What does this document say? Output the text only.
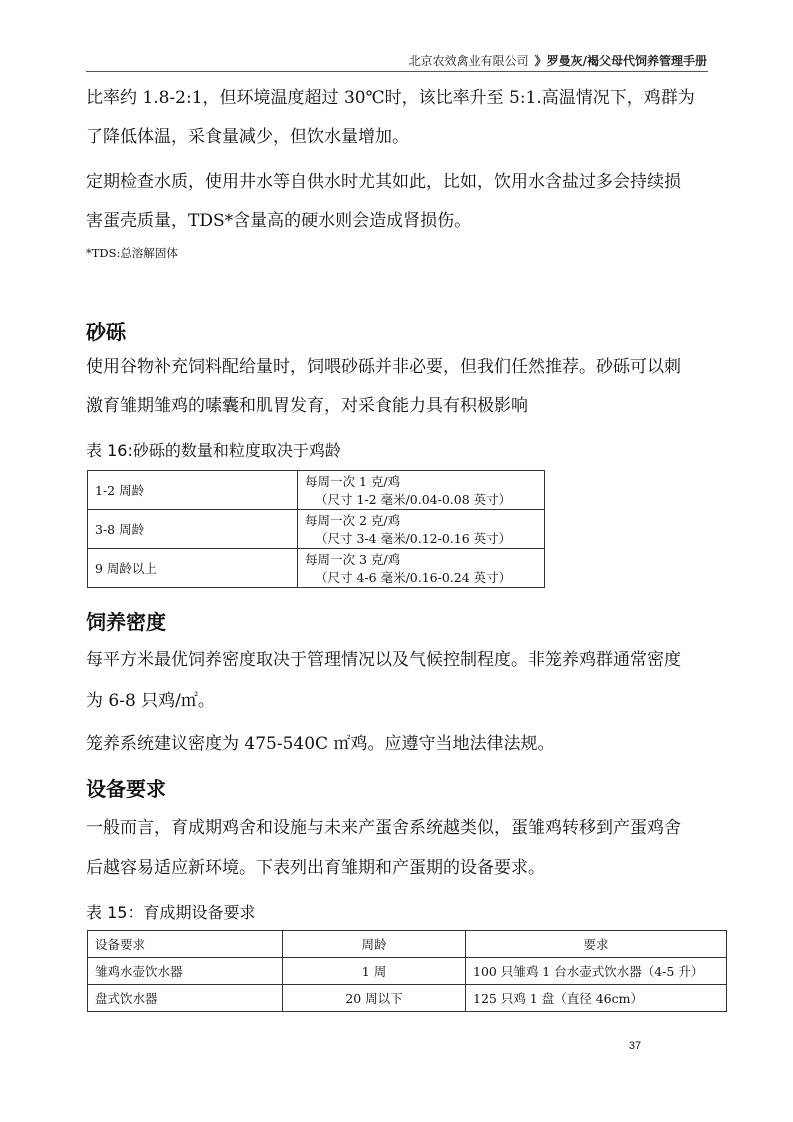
北京农效禽业有限公司 》罗曼灰/褐父母代饲养管理手册
比率约 1.8-2:1，但环境温度超过 30℃时，该比率升至 5:1.高温情况下，鸡群为
了降低体温，采食量减少，但饮水量增加。
定期检查水质，使用井水等自供水时尤其如此，比如，饮用水含盐过多会持续损
害蛋壳质量，TDS*含量高的硬水则会造成肾损伤。
*TDS:总溶解固体
砂砾
使用谷物补充饲料配给量时，饲喂砂砾并非必要，但我们任然推荐。砂砾可以刺
激育雏期雏鸡的嗉囊和肌胃发育，对采食能力具有积极影响
表 16:砂砾的数量和粒度取决于鸡龄
1-2 周龄	每周一次 1 克/鸡
（尺寸 1-2 毫米/0.04-0.08 英寸）

3-8 周龄	每周一次 2 克/鸡
（尺寸 3-4 毫米/0.12-0.16 英寸）

9 周龄以上	每周一次 3 克/鸡
（尺寸 4-6 毫米/0.16-0.24 英寸）
饲养密度
每平方米最优饲养密度取决于管理情况以及气候控制程度。非笼养鸡群通常密度
为 6-8 只鸡/㎡。
笼养系统建议密度为 475-540C ㎡鸡。应遵守当地法律法规。
设备要求
一般而言，育成期鸡舍和设施与未来产蛋舍系统越类似，蛋雏鸡转移到产蛋鸡舍
后越容易适应新环境。下表列出育雏期和产蛋期的设备要求。
表 15：育成期设备要求
设备要求	周龄	要求
雏鸡水壶饮水器	1 周	100 只雏鸡 1 台水壶式饮水器（4-5 升）
盘式饮水器	20 周以下	125 只鸡 1 盘（直径 46cm）
37
